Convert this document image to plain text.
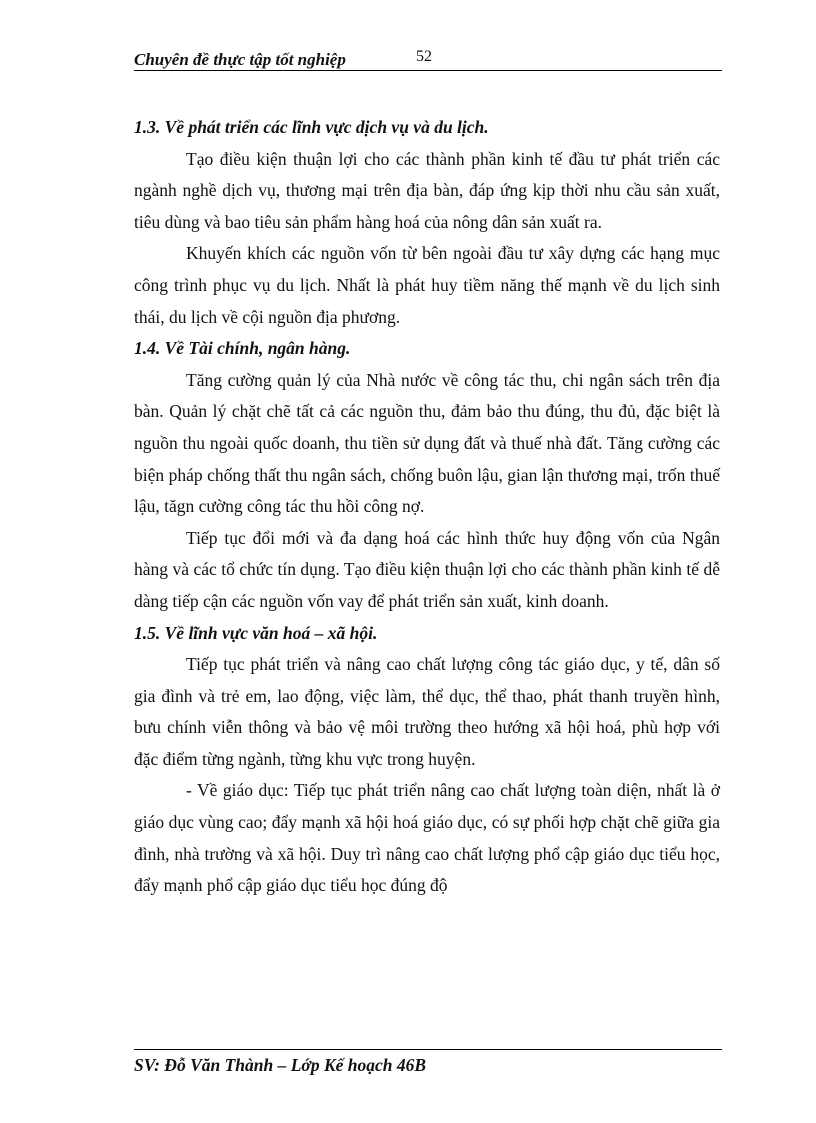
Chuyên đề thực tập tốt nghiệp	52

1.3. Về phát triển các lĩnh vực dịch vụ và du lịch.

Tạo điều kiện thuận lợi cho các thành phần kinh tế đầu tư phát triển các ngành nghề dịch vụ, thương mại trên địa bàn, đáp ứng kịp thời nhu cầu sản xuất, tiêu dùng và bao tiêu sản phẩm hàng hoá của nông dân sản xuất ra.

Khuyến khích các nguồn vốn từ bên ngoài đầu tư xây dựng các hạng mục công trình phục vụ du lịch. Nhất là phát huy tiềm năng thế mạnh về du lịch sinh thái, du lịch về cội nguồn địa phương.

1.4. Về Tài chính, ngân hàng.

Tăng cường quản lý của Nhà nước về công tác thu, chi ngân sách trên địa bàn. Quản lý chặt chẽ tất cả các nguồn thu, đảm bảo thu đúng, thu đủ, đặc biệt là nguồn thu ngoài quốc doanh, thu tiền sử dụng đất và thuế nhà đất. Tăng cường các biện pháp chống thất thu ngân sách, chống buôn lậu, gian lận thương mại, trốn thuế lậu, tăgn cường công tác thu hồi công nợ.

Tiếp tục đổi mới và đa dạng hoá các hình thức huy động vốn của Ngân hàng và các tổ chức tín dụng. Tạo điều kiện thuận lợi cho các thành phần kinh tế dễ dàng tiếp cận các nguồn vốn vay để phát triển sản xuất, kinh doanh.

1.5. Về lĩnh vực văn hoá – xã hội.

Tiếp tục phát triển và nâng cao chất lượng công tác giáo dục, y tế, dân số gia đình và trẻ em, lao động, việc làm, thể dục, thể thao, phát thanh truyền hình, bưu chính viễn thông và bảo vệ môi trường theo hướng xã hội hoá, phù hợp với đặc điểm từng ngành, từng khu vực trong huyện.

- Về giáo dục: Tiếp tục phát triển nâng cao chất lượng toàn diện, nhất là ở giáo dục vùng cao; đẩy mạnh xã hội hoá giáo dục, có sự phối hợp chặt chẽ giữa gia đình, nhà trường và xã hội. Duy trì nâng cao chất lượng phổ cập giáo dục tiểu học, đẩy mạnh phổ cập giáo dục tiểu học đúng độ

SV: Đỗ Văn Thành – Lớp Kế hoạch 46B
